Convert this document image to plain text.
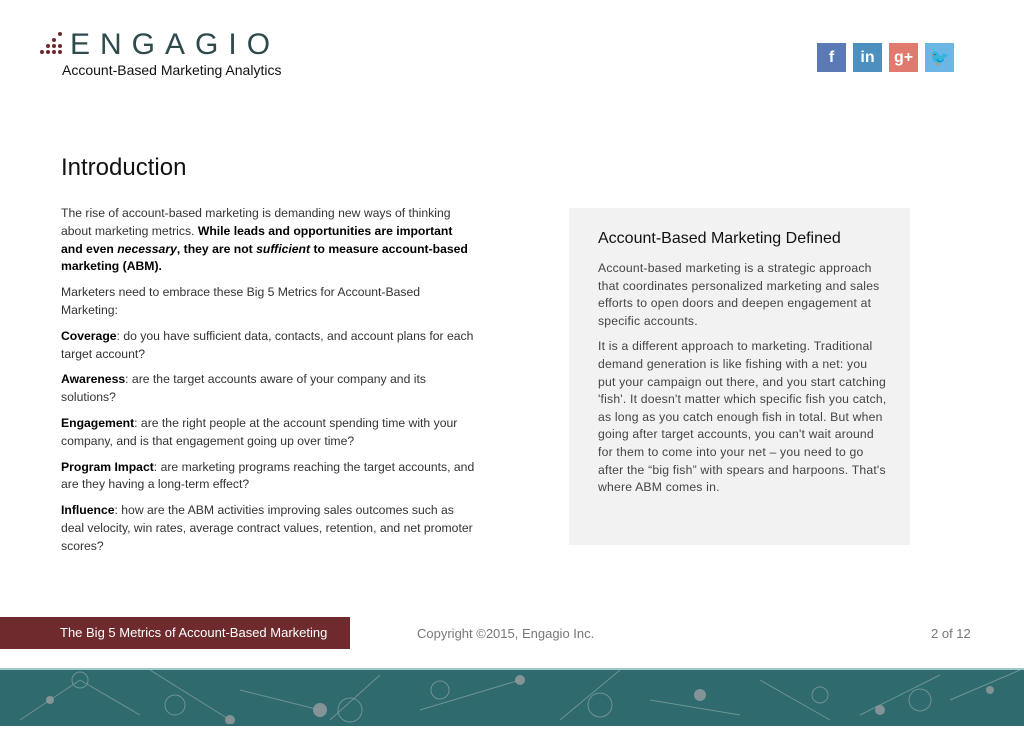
ENGAGIO
Account-Based Marketing Analytics
f	in	g+	🐦
Introduction

The rise of account-based marketing is demanding new ways of thinking about marketing metrics. While leads and opportunities are important and even necessary, they are not sufficient to measure account-based marketing (ABM).

Marketers need to embrace these Big 5 Metrics for Account-Based Marketing:

Coverage: do you have sufficient data, contacts, and account plans for each target account?

Awareness: are the target accounts aware of your company and its solutions?

Engagement: are the right people at the account spending time with your company, and is that engagement going up over time?

Program Impact: are marketing programs reaching the target accounts, and are they having a long-term effect?

Influence: how are the ABM activities improving sales outcomes such as deal velocity, win rates, average contract values, retention, and net promoter scores?

Account-Based Marketing Defined

Account-based marketing is a strategic approach that coordinates personalized marketing and sales efforts to open doors and deepen engagement at specific accounts.

It is a different approach to marketing. Traditional demand generation is like fishing with a net: you put your campaign out there, and you start catching 'fish'. It doesn't matter which specific fish you catch, as long as you catch enough fish in total. But when going after target accounts, you can't wait around for them to come into your net – you need to go after the “big fish” with spears and harpoons. That's where ABM comes in.

The Big 5 Metrics of Account-Based Marketing	Copyright ©2015, Engagio Inc.	2 of 12
